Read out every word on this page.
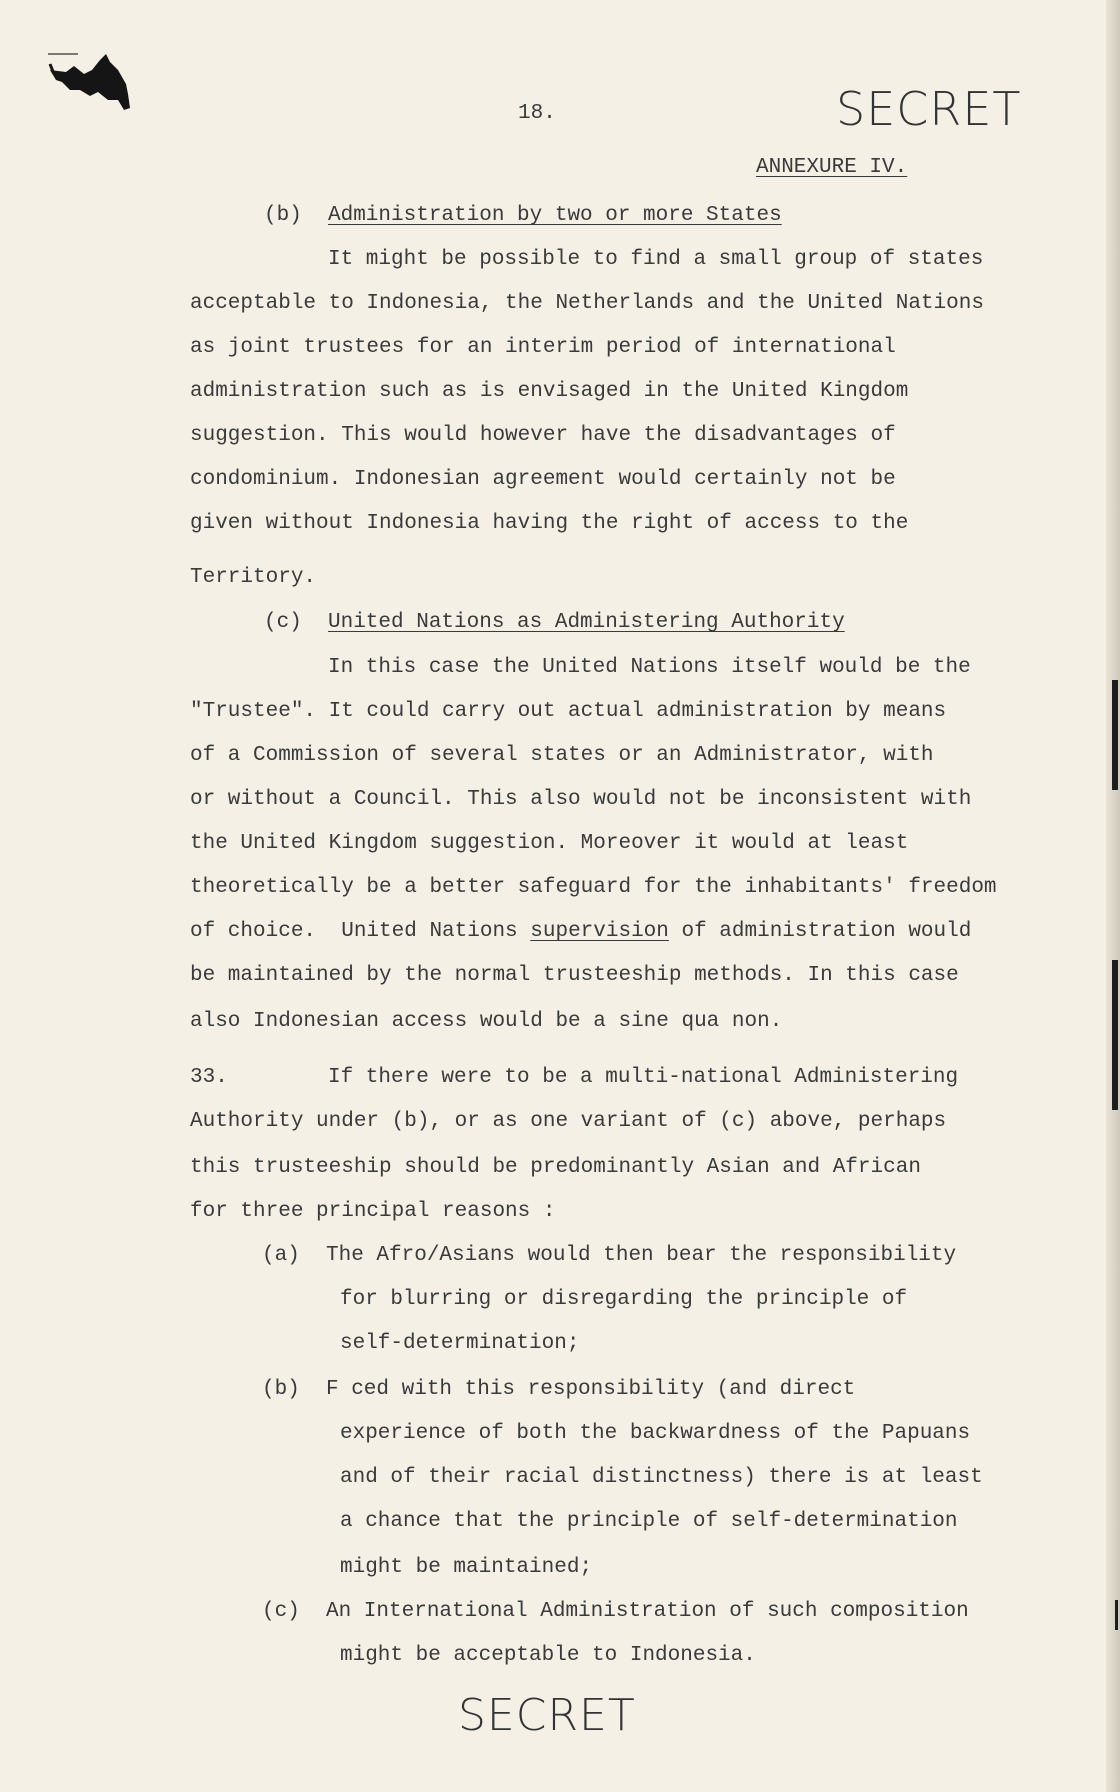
18.	SECRET
ANNEXURE IV.
(b) Administration by two or more States
It might be possible to find a small group of states
acceptable to Indonesia, the Netherlands and the United Nations
as joint trustees for an interim period of international
administration such as is envisaged in the United Kingdom
suggestion. This would however have the disadvantages of
condominium. Indonesian agreement would certainly not be
given without Indonesia having the right of access to the
Territory.
(c) United Nations as Administering Authority
In this case the United Nations itself would be the
"Trustee". It could carry out actual administration by means
of a Commission of several states or an Administrator, with
or without a Council. This also would not be inconsistent with
the United Kingdom suggestion. Moreover it would at least
theoretically be a better safeguard for the inhabitants' freedom
of choice.  United Nations supervision of administration would
be maintained by the normal trusteeship methods. In this case
also Indonesian access would be a sine qua non.
33.	If there were to be a multi-national Administering
Authority under (b), or as one variant of (c) above, perhaps
this trusteeship should be predominantly Asian and African
for three principal reasons :
(a) The Afro/Asians would then bear the responsibility
for blurring or disregarding the principle of
self-determination;
(b) F ced with this responsibility (and direct
experience of both the backwardness of the Papuans
and of their racial distinctness) there is at least
a chance that the principle of self-determination
might be maintained;
(c) An International Administration of such composition
might be acceptable to Indonesia.
SECRET
